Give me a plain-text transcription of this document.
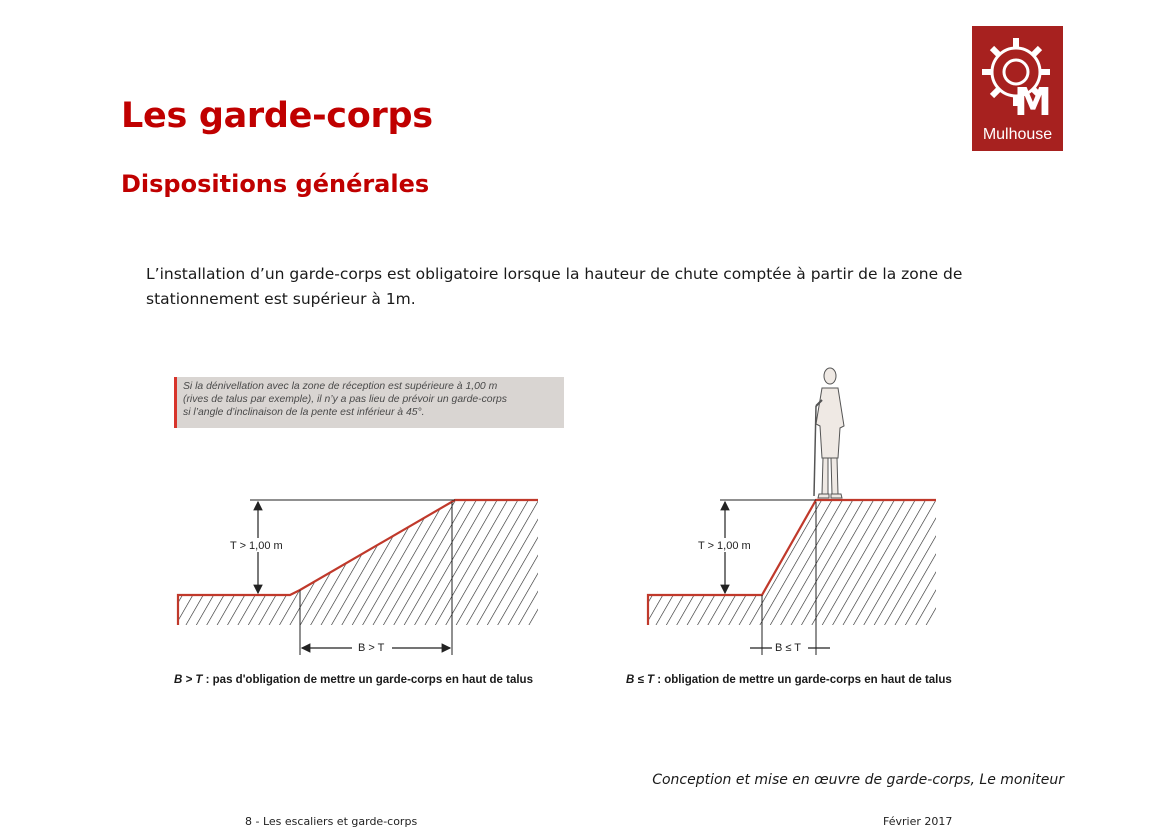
Les garde-corps
Dispositions générales
M
Mulhouse

L’installation d’un garde-corps est obligatoire lorsque la hauteur de chute comptée à partir de la zone de stationnement est supérieur à 1m.

Si la dénivellation avec la zone de réception est supérieure à 1,00 m
(rives de talus par exemple), il n’y a pas lieu de prévoir un garde-corps
si l’angle d’inclinaison de la pente est inférieur à 45°.
T > 1,00 m
B > T
T > 1,00 m
B ≤ T

B > T : pas d'obligation de mettre un garde-corps en haut de talus	B ≤ T : obligation de mettre un garde-corps en haut de talus

Conception et mise en œuvre de garde-corps, Le moniteur

8 - Les escaliers et garde-corps	Février 2017
